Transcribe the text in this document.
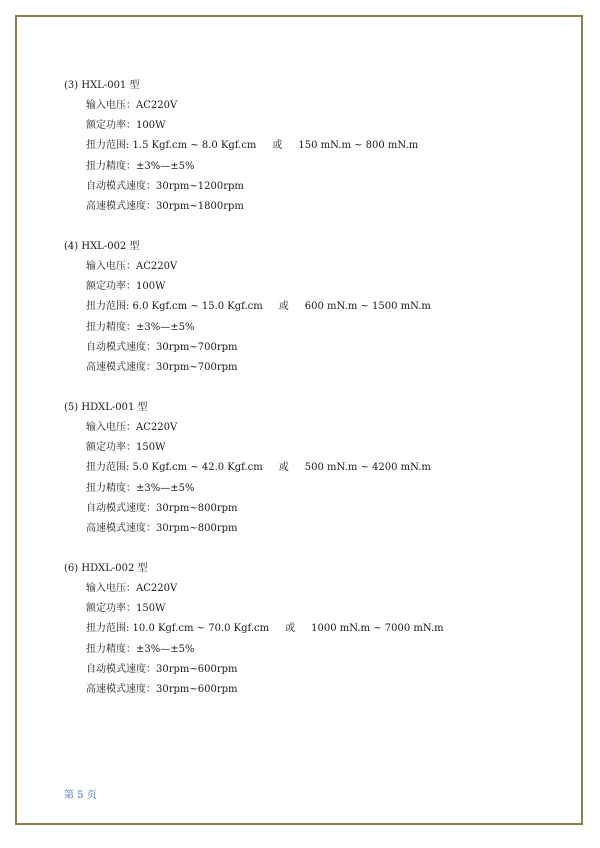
(3) HXL-001 型
输入电压：AC220V
额定功率：100W
扭力范围: 1.5 Kgf.cm ~ 8.0 Kgf.cm 或 150 mN.m ~ 800 mN.m
扭力精度：±3%—±5%
自动模式速度：30rpm~1200rpm
高速模式速度：30rpm~1800rpm
(4) HXL-002 型
输入电压：AC220V
额定功率：100W
扭力范围: 6.0 Kgf.cm ~ 15.0 Kgf.cm 或 600 mN.m ~ 1500 mN.m
扭力精度：±3%—±5%
自动模式速度：30rpm~700rpm
高速模式速度：30rpm~700rpm
(5) HDXL-001 型
输入电压：AC220V
额定功率：150W
扭力范围: 5.0 Kgf.cm ~ 42.0 Kgf.cm 或 500 mN.m ~ 4200 mN.m
扭力精度：±3%—±5%
自动模式速度：30rpm~800rpm
高速模式速度：30rpm~800rpm
(6) HDXL-002 型
输入电压：AC220V
额定功率：150W
扭力范围: 10.0 Kgf.cm ~ 70.0 Kgf.cm 或 1000 mN.m ~ 7000 mN.m
扭力精度：±3%—±5%
自动模式速度：30rpm~600rpm
高速模式速度：30rpm~600rpm
第 5 页
